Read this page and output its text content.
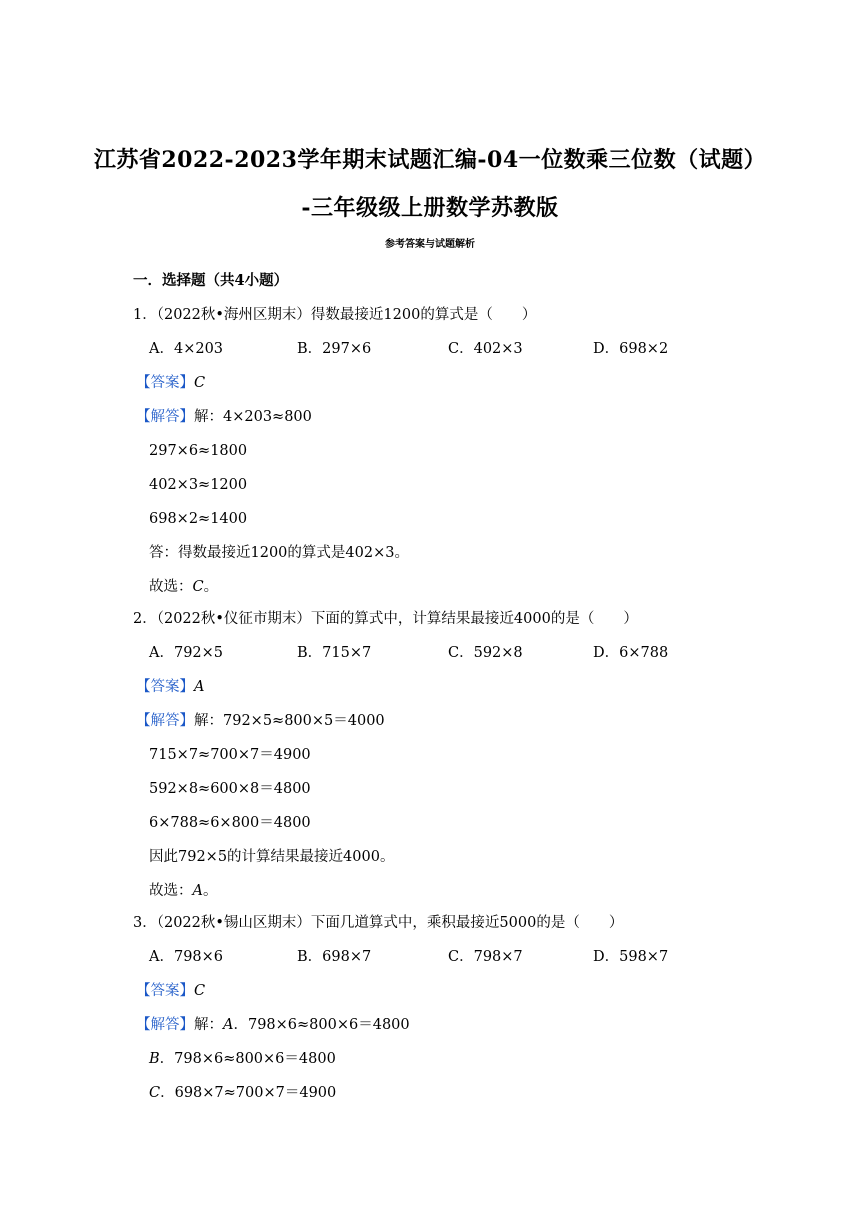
江苏省2022-2023学年期末试题汇编-04一位数乘三位数（试题）
-三年级级上册数学苏教版
参考答案与试题解析
一．选择题（共4小题）
1．（2022秋•海州区期末）得数最接近1200的算式是（　　）
A．4×203	B．297×6	C．402×3	D．698×2
【答案】C
【解答】解：4×203≈800
297×6≈1800
402×3≈1200
698×2≈1400
答：得数最接近1200的算式是402×3。
故选：C。
2．（2022秋•仪征市期末）下面的算式中，计算结果最接近4000的是（　　）
A．792×5	B．715×7	C．592×8	D．6×788
【答案】A
【解答】解：792×5≈800×5＝4000
715×7≈700×7＝4900
592×8≈600×8＝4800
6×788≈6×800＝4800
因此792×5的计算结果最接近4000。
故选：A。
3．（2022秋•锡山区期末）下面几道算式中，乘积最接近5000的是（　　）
A．798×6	B．698×7	C．798×7	D．598×7
【答案】C
【解答】解：A．798×6≈800×6＝4800
B．798×6≈800×6＝4800
C．698×7≈700×7＝4900
